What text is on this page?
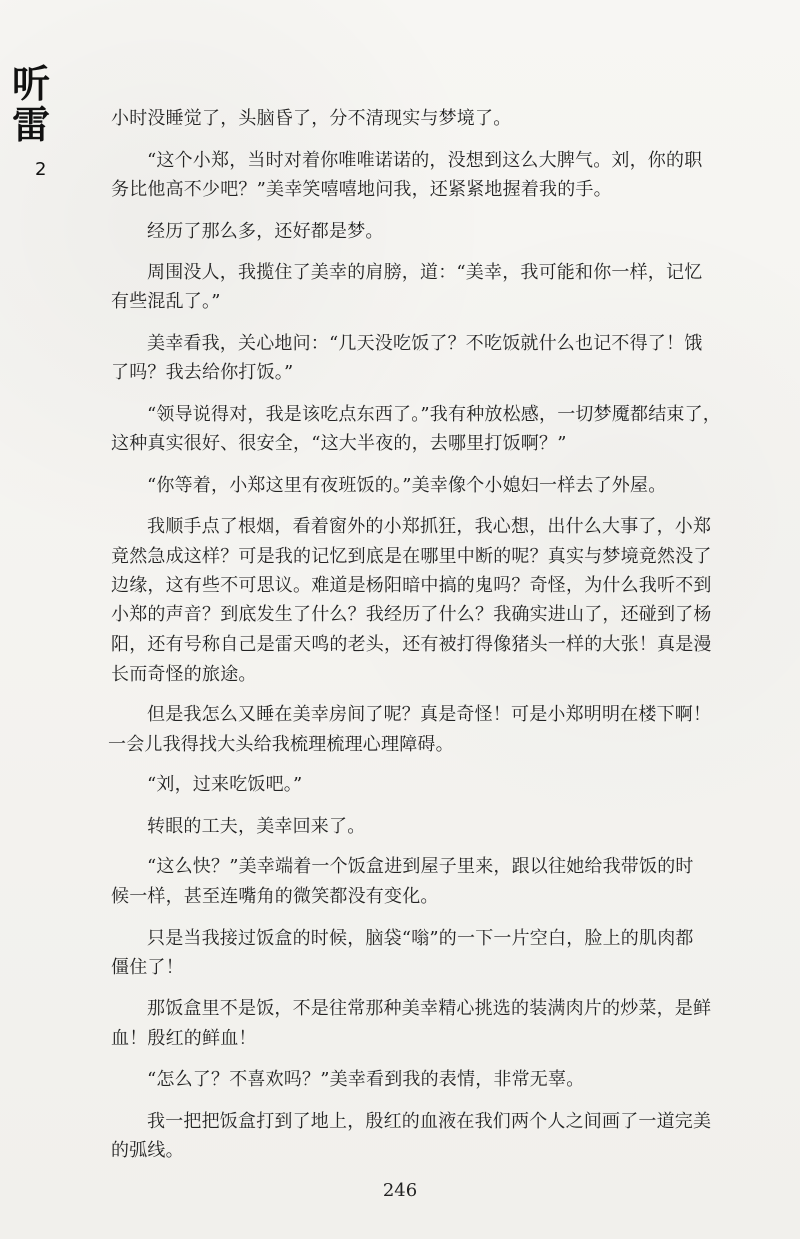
听
雷
2
小时没睡觉了，头脑昏了，分不清现实与梦境了。
“这个小郑，当时对着你唯唯诺诺的，没想到这么大脾气。刘，你的职
务比他高不少吧？”美幸笑嘻嘻地问我，还紧紧地握着我的手。
经历了那么多，还好都是梦。
周围没人，我揽住了美幸的肩膀，道：“美幸，我可能和你一样，记忆
有些混乱了。”
美幸看我，关心地问：“几天没吃饭了？不吃饭就什么也记不得了！饿
了吗？我去给你打饭。”
“领导说得对，我是该吃点东西了。”我有种放松感，一切梦魇都结束了，
这种真实很好、很安全，“这大半夜的，去哪里打饭啊？”
“你等着，小郑这里有夜班饭的。”美幸像个小媳妇一样去了外屋。
我顺手点了根烟，看着窗外的小郑抓狂，我心想，出什么大事了，小郑
竟然急成这样？可是我的记忆到底是在哪里中断的呢？真实与梦境竟然没了
边缘，这有些不可思议。难道是杨阳暗中搞的鬼吗？奇怪，为什么我听不到
小郑的声音？到底发生了什么？我经历了什么？我确实进山了，还碰到了杨
阳，还有号称自己是雷天鸣的老头，还有被打得像猪头一样的大张！真是漫
长而奇怪的旅途。
但是我怎么又睡在美幸房间了呢？真是奇怪！可是小郑明明在楼下啊！
一会儿我得找大头给我梳理梳理心理障碍。
“刘，过来吃饭吧。”
转眼的工夫，美幸回来了。
“这么快？”美幸端着一个饭盒进到屋子里来，跟以往她给我带饭的时
候一样，甚至连嘴角的微笑都没有变化。
只是当我接过饭盒的时候，脑袋“嗡”的一下一片空白，脸上的肌肉都
僵住了！
那饭盒里不是饭，不是往常那种美幸精心挑选的装满肉片的炒菜，是鲜
血！殷红的鲜血！
“怎么了？不喜欢吗？”美幸看到我的表情，非常无辜。
我一把把饭盒打到了地上，殷红的血液在我们两个人之间画了一道完美
的弧线。
246
